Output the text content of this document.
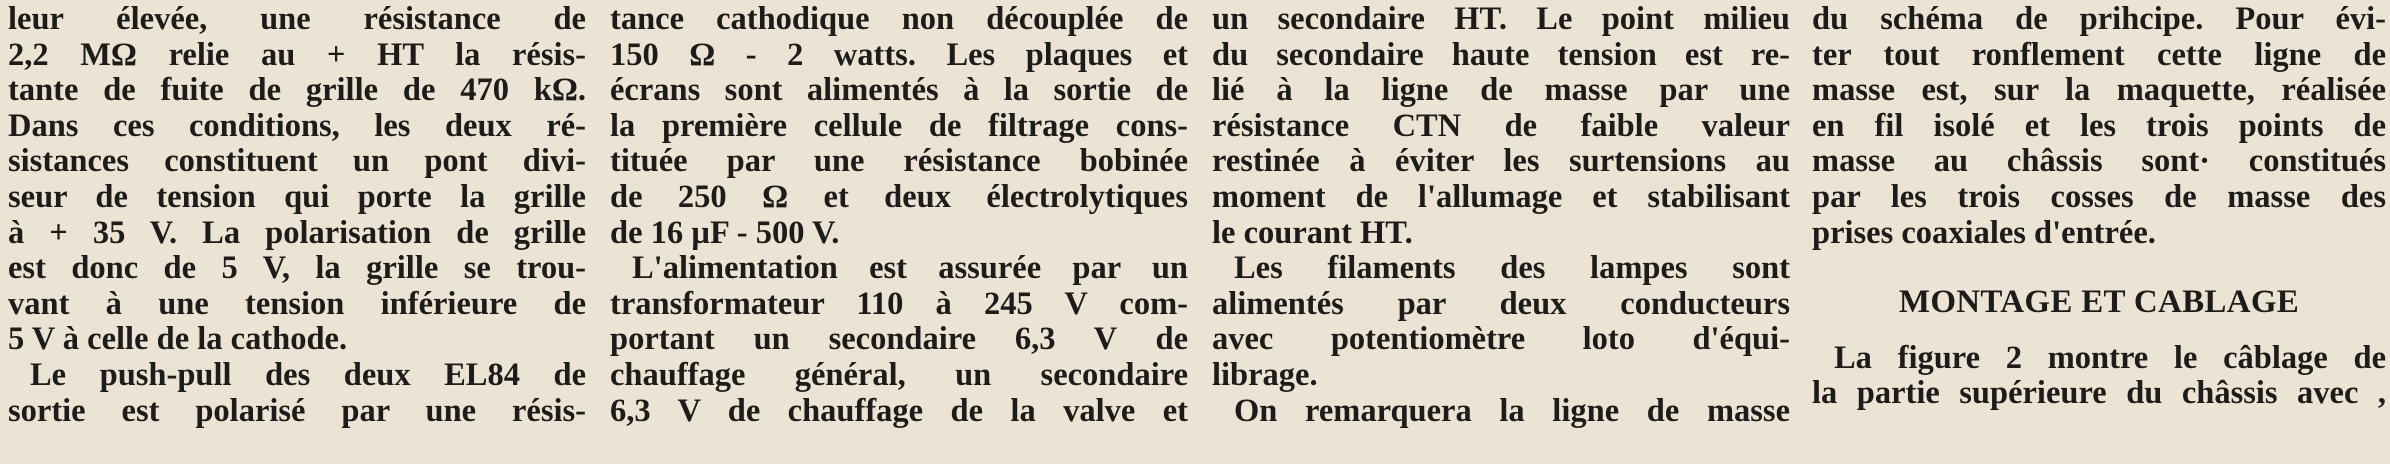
leur élevée, une résistance de
2,2 MΩ relie au + HT la résis-
tante de fuite de grille de 470 kΩ.
Dans ces conditions, les deux ré-
sistances constituent un pont divi-
seur de tension qui porte la grille
à + 35 V. La polarisation de grille
est donc de 5 V, la grille se trou-
vant à une tension inférieure de
5 V à celle de la cathode.
Le push-pull des deux EL84 de
sortie est polarisé par une résis-
tance cathodique non découplée de
150 Ω - 2 watts. Les plaques et
écrans sont alimentés à la sortie de
la première cellule de filtrage cons-
tituée par une résistance bobinée
de 250 Ω et deux électrolytiques
de 16 µF - 500 V.
L'alimentation est assurée par un
transformateur 110 à 245 V com-
portant un secondaire 6,3 V de
chauffage général, un secondaire
6,3 V de chauffage de la valve et
un secondaire HT. Le point milieu
du secondaire haute tension est re-
lié à la ligne de masse par une
résistance CTN de faible valeur
restinée à éviter les surtensions au
moment de l'allumage et stabilisant
le courant HT.
Les filaments des lampes sont
alimentés par deux conducteurs
avec potentiomètre loto d'équi-
librage.
On remarquera la ligne de masse
du schéma de prihcipe. Pour évi-
ter tout ronflement cette ligne de
masse est, sur la maquette, réalisée
en fil isolé et les trois points de
masse au châssis sont· constitués
par les trois cosses de masse des
prises coaxiales d'entrée.
MONTAGE ET CABLAGE
La figure 2 montre le câblage de
la partie supérieure du châssis avec ,
